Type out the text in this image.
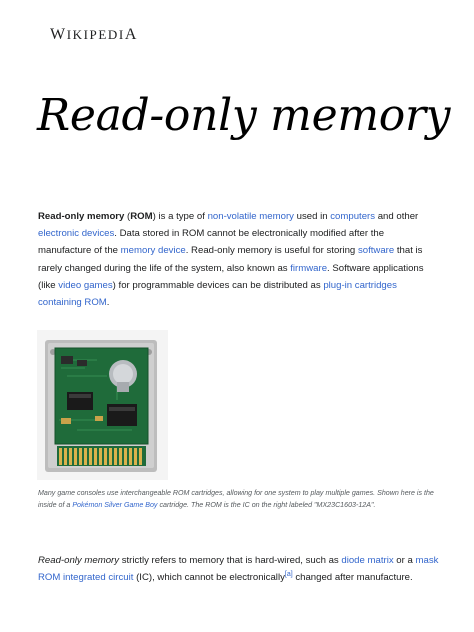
WIKIPEDIA
Read-only memory

Read-only memory (ROM) is a type of non-volatile memory used in computers and other electronic devices. Data stored in ROM cannot be electronically modified after the manufacture of the memory device. Read-only memory is useful for storing software that is rarely changed during the life of the system, also known as firmware. Software applications (like video games) for programmable devices can be distributed as plug-in cartridges containing ROM.

Many game consoles use interchangeable ROM cartridges, allowing for one system to play multiple games. Shown here is the inside of a Pokémon Silver Game Boy cartridge. The ROM is the IC on the right labeled "MX23C1603-12A".

Read-only memory strictly refers to memory that is hard-wired, such as diode matrix or a mask ROM integrated circuit (IC), which cannot be electronically[a] changed after manufacture.
